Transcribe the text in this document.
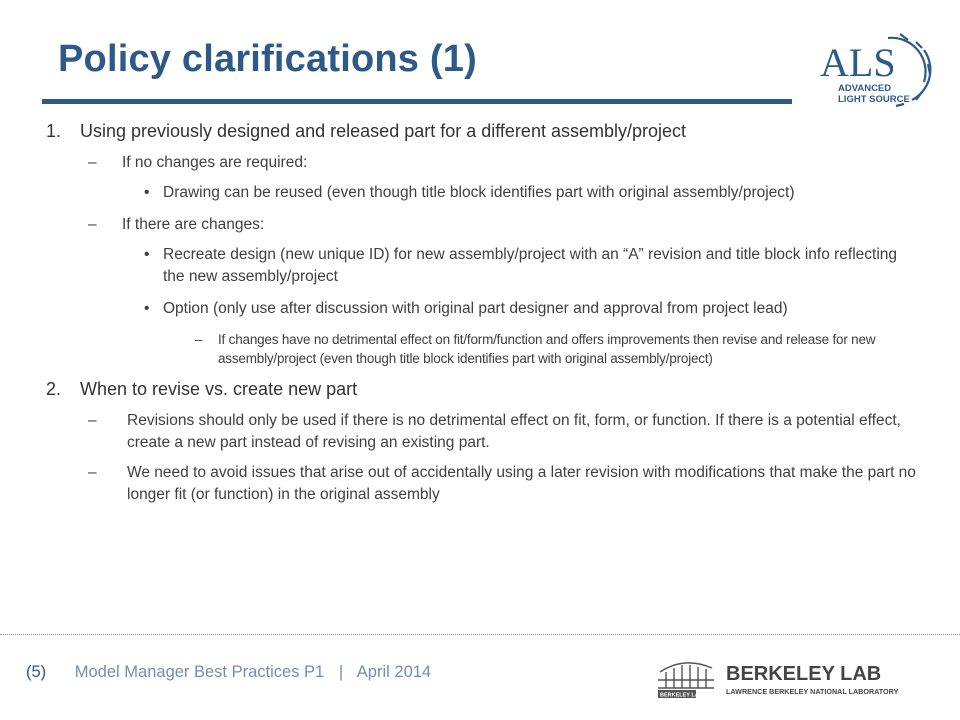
Policy clarifications (1)	ALS
ADVANCED
LIGHT SOURCE
1. Using previously designed and released part for a different assembly/project
– If no changes are required:
• Drawing can be reused (even though title block identifies part with original assembly/project)
– If there are changes:
• Recreate design (new unique ID) for new assembly/project with an “A” revision and title block info reflecting the new assembly/project
• Option (only use after discussion with original part designer and approval from project lead)
– If changes have no detrimental effect on fit/form/function and offers improvements then revise and release for new assembly/project (even though title block identifies part with original assembly/project)
2. When to revise vs. create new part
– Revisions should only be used if there is no detrimental effect on fit, form, or function. If there is a potential effect, create a new part instead of revising an existing part.
– We need to avoid issues that arise out of accidentally using a later revision with modifications that make the part no longer fit (or function) in the original assembly
(5) Model Manager Best Practices P1 | April 2014
BERKELEY LAB
BERKELEY LAB
LAWRENCE BERKELEY NATIONAL LABORATORY
